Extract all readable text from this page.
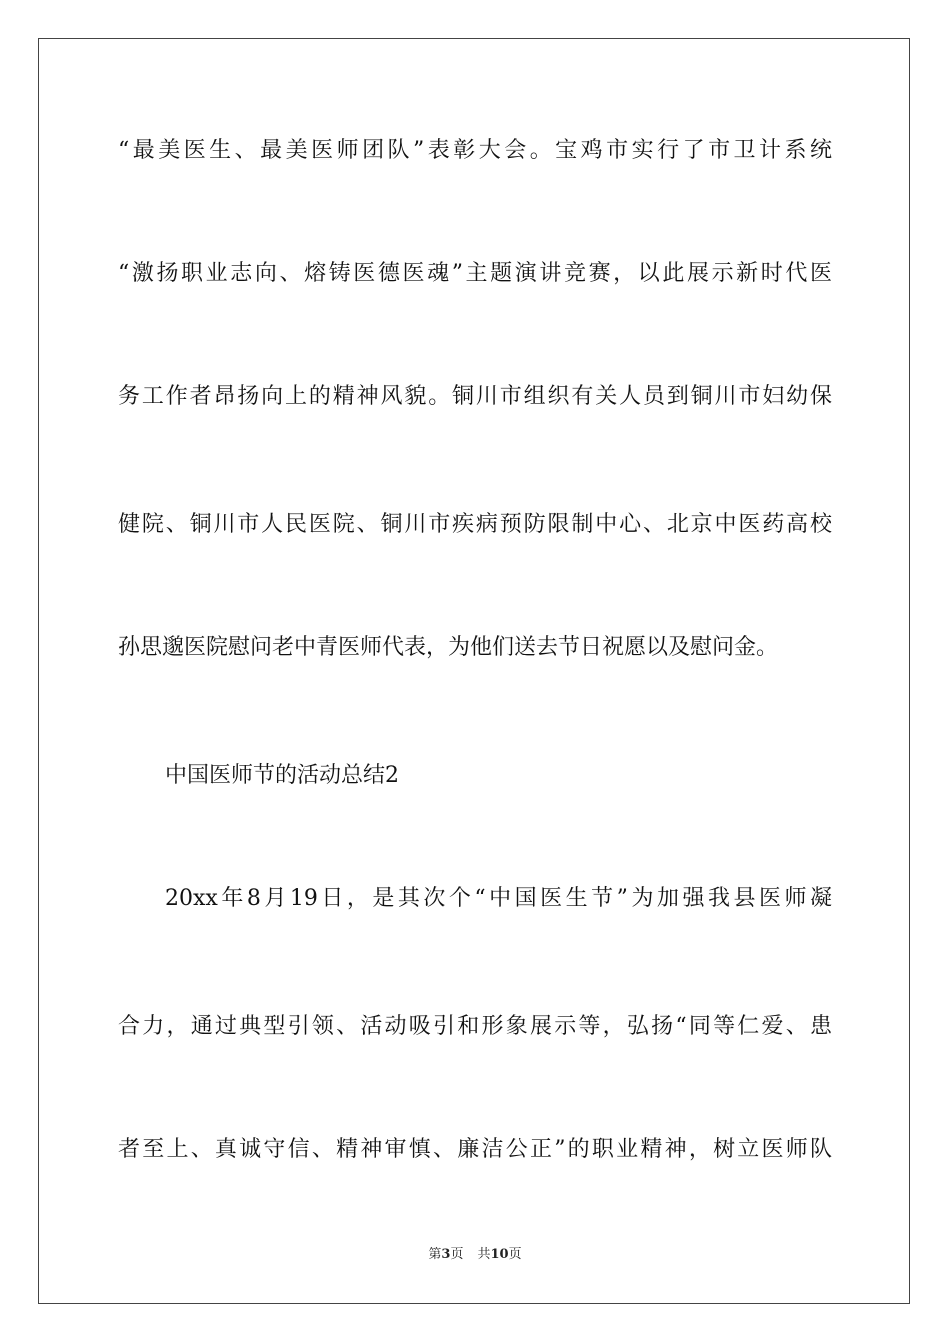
“最美医生、最美医师团队”表彰大会。宝鸡市实行了市卫计系统
“激扬职业志向、熔铸医德医魂”主题演讲竞赛，以此展示新时代医
务工作者昂扬向上的精神风貌。铜川市组织有关人员到铜川市妇幼保
健院、铜川市人民医院、铜川市疾病预防限制中心、北京中医药高校
孙思邈医院慰问老中青医师代表，为他们送去节日祝愿以及慰问金。
中国医师节的活动总结2
20xx年8月19日，是其次个“中国医生节”为加强我县医师凝
合力，通过典型引领、活动吸引和形象展示等，弘扬“同等仁爱、患
者至上、真诚守信、精神审慎、廉洁公正”的职业精神，树立医师队
第3页 共10页
